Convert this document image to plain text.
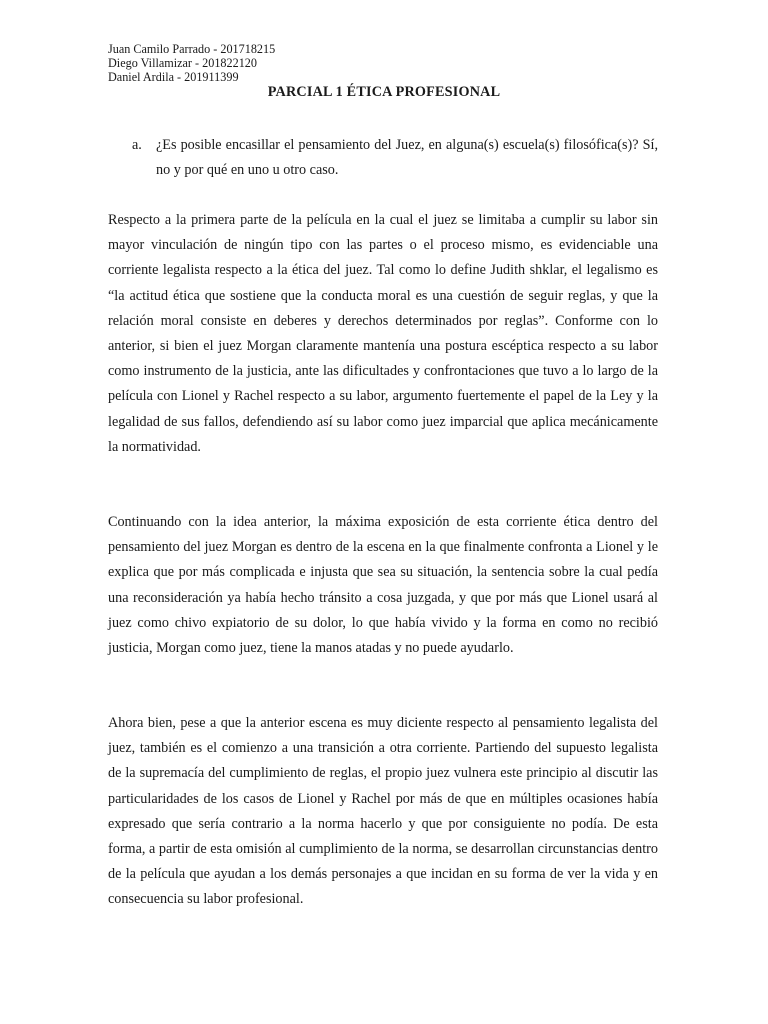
Juan Camilo Parrado - 201718215
Diego Villamizar - 201822120
Daniel Ardila - 201911399
PARCIAL 1 ÉTICA PROFESIONAL
a. ¿Es posible encasillar el pensamiento del Juez, en alguna(s) escuela(s) filosófica(s)? Sí, no y por qué en uno u otro caso.

Respecto a la primera parte de la película en la cual el juez se limitaba a cumplir su labor sin mayor vinculación de ningún tipo con las partes o el proceso mismo, es evidenciable una corriente legalista respecto a la ética del juez. Tal como lo define Judith shklar, el legalismo es “la actitud ética que sostiene que la conducta moral es una cuestión de seguir reglas, y que la relación moral consiste en deberes y derechos determinados por reglas”. Conforme con lo anterior, si bien el juez Morgan claramente mantenía una postura escéptica respecto a su labor como instrumento de la justicia, ante las dificultades y confrontaciones que tuvo a lo largo de la película con Lionel y Rachel respecto a su labor, argumento fuertemente el papel de la Ley y la legalidad de sus fallos, defendiendo así su labor como juez imparcial que aplica mecánicamente la normatividad.

Continuando con la idea anterior, la máxima exposición de esta corriente ética dentro del pensamiento del juez Morgan es dentro de la escena en la que finalmente confronta a Lionel y le explica que por más complicada e injusta que sea su situación, la sentencia sobre la cual pedía una reconsideración ya había hecho tránsito a cosa juzgada, y que por más que Lionel usará al juez como chivo expiatorio de su dolor, lo que había vivido y la forma en como no recibió justicia, Morgan como juez, tiene la manos atadas y no puede ayudarlo.

Ahora bien, pese a que la anterior escena es muy diciente respecto al pensamiento legalista del juez, también es el comienzo a una transición a otra corriente. Partiendo del supuesto legalista de la supremacía del cumplimiento de reglas, el propio juez vulnera este principio al discutir las particularidades de los casos de Lionel y Rachel por más de que en múltiples ocasiones había expresado que sería contrario a la norma hacerlo y que por consiguiente no podía. De esta forma, a partir de esta omisión al cumplimiento de la norma, se desarrollan circunstancias dentro de la película que ayudan a los demás personajes a que incidan en su forma de ver la vida y en consecuencia su labor profesional.
